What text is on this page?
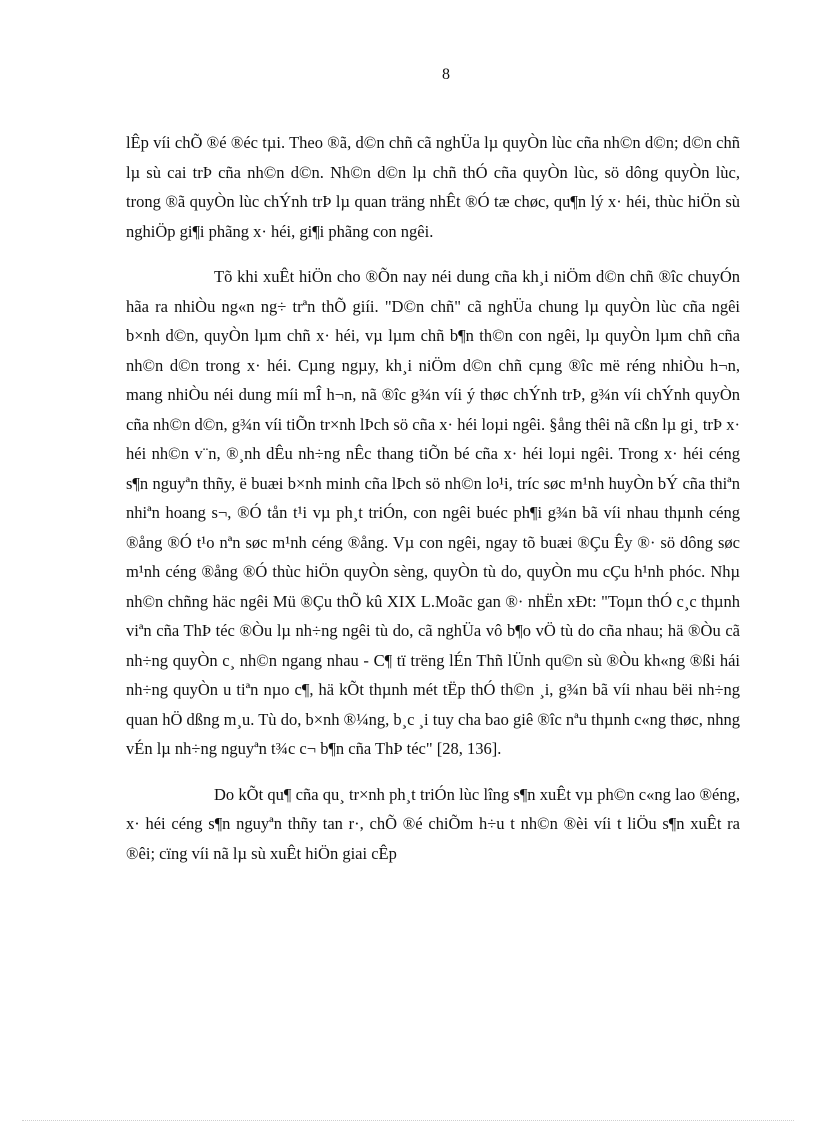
8

lÊp víi chÕ ®é ®éc tµi. Theo ®ã, d©n chñ cã nghÜa lµ quyÒn lùc cña nh©n d©n; d©n chñ lµ sù cai trÞ cña nh©n d©n. Nh©n d©n lµ chñ thÓ cña quyÒn lùc, sö dông quyÒn lùc, trong ®ã quyÒn lùc chÝnh trÞ lµ quan träng nhÊt ®Ó tæ chøc, qu¶n lý x· héi, thùc hiÖn sù nghiÖp gi¶i phãng x· héi, gi¶i phãng con ngêi.

Tõ khi xuÊt hiÖn cho ®Õn nay néi dung cña kh¸i niÖm d©n chñ ®îc chuyÓn hãa ra nhiÒu ng«n ng÷ trªn thÕ giíi. "D©n chñ" cã nghÜa chung lµ quyÒn lùc cña ngêi b×nh d©n, quyÒn lµm chñ x· héi, vµ lµm chñ b¶n th©n con ngêi, lµ quyÒn lµm chñ cña nh©n d©n trong x· héi. Cµng ngµy, kh¸i niÖm d©n chñ cµng ®îc më réng nhiÒu h¬n, mang nhiÒu néi dung míi mÎ h¬n, nã ®îc g¾n víi ý thøc chÝnh trÞ, g¾n víi chÝnh quyÒn cña nh©n d©n, g¾n víi tiÕn tr×nh lÞch sö cña x· héi loµi ngêi. §ång thêi nã cßn lµ gi¸ trÞ x· héi nh©n v¨n, ®¸nh dÊu nh÷ng nÊc thang tiÕn bé cña x· héi loµi ngêi. Trong x· héi céng s¶n nguyªn thñy, ë buæi b×nh minh cña lÞch sö nh©n lo¹i, tríc søc m¹nh huyÒn bÝ cña thiªn nhiªn hoang s¬, ®Ó tån t¹i vµ ph¸t triÓn, con ngêi buéc ph¶i g¾n bã víi nhau thµnh céng ®ång ®Ó t¹o nªn søc m¹nh céng ®ång. Vµ con ngêi, ngay tõ buæi ®Çu Êy ®· sö dông søc m¹nh céng ®ång ®Ó thùc hiÖn quyÒn sèng, quyÒn tù do, quyÒn mu cÇu h¹nh phóc. Nhµ nh©n chñng häc ngêi Mü ®Çu thÕ kû XIX L.Moãc gan ®· nhËn xÐt: "Toµn thÓ c¸c thµnh viªn cña ThÞ téc ®Òu lµ nh÷ng ngêi tù do, cã nghÜa vô b¶o vÖ tù do cña nhau; hä ®Òu cã nh÷ng quyÒn c¸ nh©n ngang nhau - C¶ tï trëng lÉn Thñ lÜnh qu©n sù ®Òu kh«ng ®ßi hái nh÷ng quyÒn u tiªn nµo c¶, hä kÕt thµnh mét tËp thÓ th©n ¸i, g¾n bã víi nhau bëi nh÷ng quan hÖ dßng m¸u. Tù do, b×nh ®¼ng, b¸c ¸i tuy cha bao giê ®îc nªu thµnh c«ng thøc, nhng vÉn lµ nh÷ng nguyªn t¾c c¬ b¶n cña ThÞ téc" [28, 136].

Do kÕt qu¶ cña qu¸ tr×nh ph¸t triÓn lùc lîng s¶n xuÊt vµ ph©n c«ng lao ®éng, x· héi céng s¶n nguyªn thñy tan r·, chÕ ®é chiÕm h÷u t nh©n ®èi víi t liÖu s¶n xuÊt ra ®êi; cïng víi nã lµ sù xuÊt hiÖn giai cÊp
